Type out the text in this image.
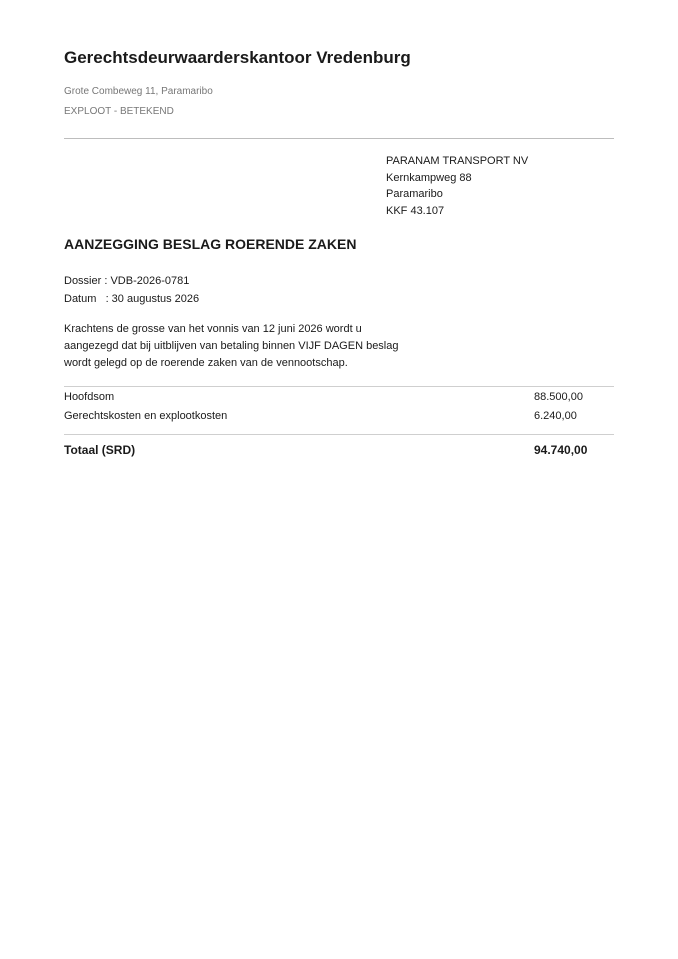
Gerechtsdeurwaarderskantoor Vredenburg
Grote Combeweg 11, Paramaribo
EXPLOOT - BETEKEND
PARANAM TRANSPORT NV
Kernkampweg 88
Paramaribo
KKF 43.107
AANZEGGING BESLAG ROERENDE ZAKEN
Dossier : VDB-2026-0781
Datum   : 30 augustus 2026
Krachtens de grosse van het vonnis van 12 juni 2026 wordt u
aangezegd dat bij uitblijven van betaling binnen VIJF DAGEN beslag
wordt gelegd op de roerende zaken van de vennootschap.
Hoofdsom	88.500,00
Gerechtskosten en explootkosten	6.240,00
Totaal (SRD)	94.740,00
